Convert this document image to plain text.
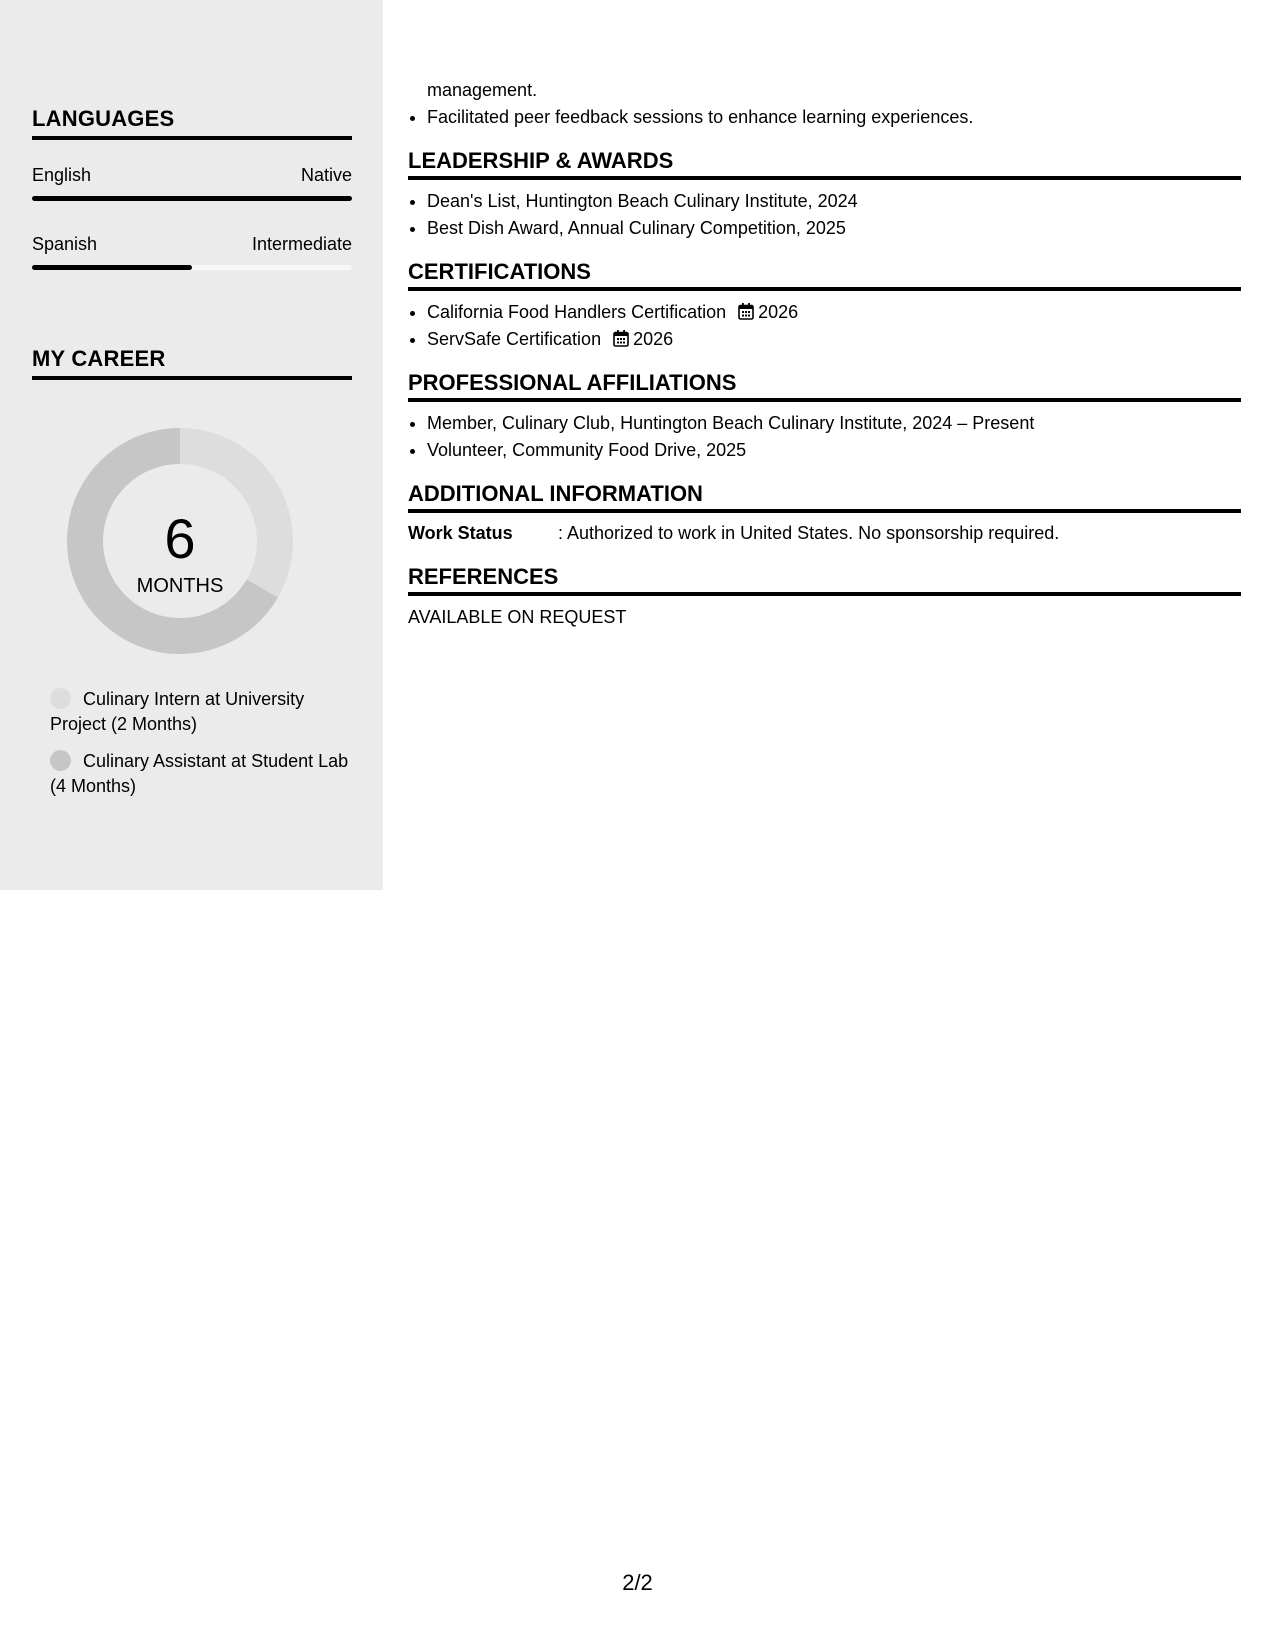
LANGUAGES
English	Native
Spanish	Intermediate
MY CAREER
6
MONTHS
Culinary Intern at University Project (2 Months)
Culinary Assistant at Student Lab (4 Months)
management.
• Facilitated peer feedback sessions to enhance learning experiences.
LEADERSHIP & AWARDS
• Dean's List, Huntington Beach Culinary Institute, 2024
• Best Dish Award, Annual Culinary Competition, 2025
CERTIFICATIONS
• California Food Handlers Certification 2026
• ServSafe Certification 2026
PROFESSIONAL AFFILIATIONS
• Member, Culinary Club, Huntington Beach Culinary Institute, 2024 – Present
• Volunteer, Community Food Drive, 2025
ADDITIONAL INFORMATION
Work Status	: Authorized to work in United States. No sponsorship required.
REFERENCES
AVAILABLE ON REQUEST
2/2
